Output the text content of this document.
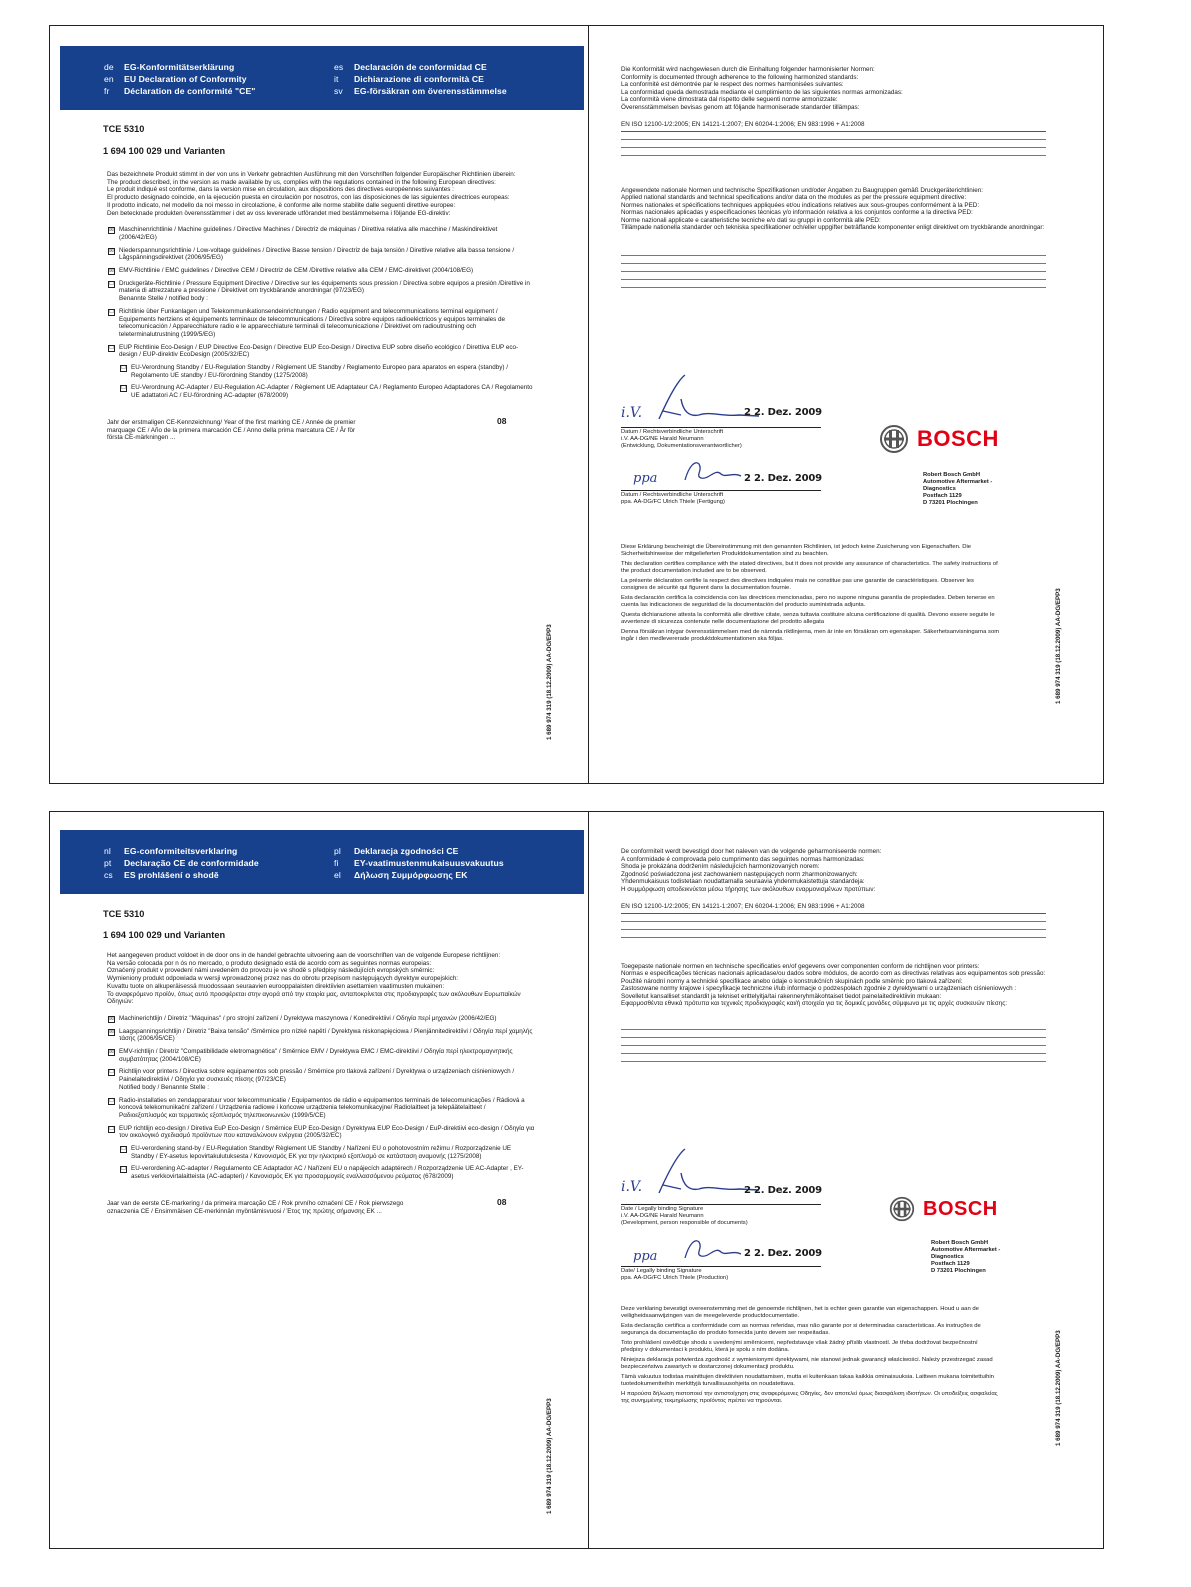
de EG-Konformitätserklärung
en EU Declaration of Conformity
fr Déclaration de conformité "CE"
es Declaración de conformidad CE
it Dichiarazione di conformità CE
sv EG-försäkran om överensstämmelse
TCE 5310
1 694 100 029 und Varianten

Das bezeichnete Produkt stimmt in der von uns in Verkehr gebrachten Ausführung mit den Vorschriften folgender Europäischer Richtlinien überein:

The product described, in the version as made available by us, complies with the regulations contained in the following European directives:

Le produit indiqué est conforme, dans la version mise en circulation, aux dispositions des directives européennes suivantes :

El producto designado coincide, en la ejecución puesta en circulación por nosotros, con las disposiciones de las siguientes directrices europeas:

Il prodotto indicato, nel modello da noi messo in circolazione, è conforme alle norme stabilite dalle seguenti direttive europee:

Den betecknade produkten överensstämmer i det av oss levererade utförandet med bestämmelserna i följande EG-direktiv:

☒ Maschinenrichtlinie / Machine guidelines / Directive Machines / Directriz de máquinas / Direttiva relativa alle macchine / Maskindirektivet (2006/42/EG)
☒ Niederspannungsrichtlinie / Low-voltage guidelines / Directive Basse tension / Directriz de baja tensión / Direttive relative alla bassa tensione / Lågspänningsdirektivet (2006/95/EG)
☒ EMV-Richtlinie / EMC guidelines / Directive CEM / Directriz de CEM /Direttive relative alla CEM / EMC-direktivet (2004/108/EG)
☐ Druckgeräte-Richtlinie / Pressure Equipment Directive / Directive sur les équipements sous pression / Directiva sobre equipos a presión /Direttive in materia di attrezzature a pressione / Direktivet om tryckbärande anordningar (97/23/EG)
Benannte Stelle / notified body :
☐ Richtlinie über Funkanlagen und Telekommunikationsendeinrichtungen / Radio equipment and telecommunications terminal equipment / Equipements hertziens et équipements terminaux de telecommunications / Directiva sobre equipos radioeléctricos y equipos terminales de telecomunicación / Apparecchiature radio e le apparecchiature terminali di telecomunicazione / Direktivet om radioutrustning och teleterminalutrustning (1999/5/EG)
☐ EUP Richtlinie Eco-Design / EUP Directive Eco-Design / Directive EUP Eco-Design / Directiva EUP sobre diseño ecológico / Direttiva EUP eco-design / EUP-direktiv EcoDesign (2005/32/EC)
☐ EU-Verordnung Standby / EU-Regulation Standby / Règlement UE Standby / Reglamento Europeo para aparatos en espera (standby) / Regolamento UE standby / EU-förordning Standby (1275/2008)
☐ EU-Verordnung AC-Adapter / EU-Regulation AC-Adapter / Règlement UE Adaptateur CA / Reglamento Europeo Adaptadores CA / Regolamento UE adattatori AC / EU-förordning AC-adapter (678/2009)
Jahr der erstmaligen CE-Kennzeichnung/ Year of the first marking CE / Année de premier marquage CE / Año de la primera marcación CE / Anno della prima marcatura CE / År för första CE-märkningen ...
08
1 689 974 319 (18.12.2009) AA-DG/EPP3

Die Konformität wird nachgewiesen durch die Einhaltung folgender harmonisierter Normen:

Conformity is documented through adherence to the following harmonized standards:

La conformité est démontrée par le respect des normes harmonisées suivantes:

La conformidad queda demostrada mediante el cumplimiento de las siguientes normas armonizadas:

La conformità viene dimostrata dal rispetto delle seguenti norme armonizzate:

Överensstämmelsen bevisas genom att följande harmoniserade standarder tillämpas:

EN ISO 12100-1/2:2005; EN 14121-1:2007; EN 60204-1:2006; EN 983:1996 + A1:2008

Angewendete nationale Normen und technische Spezifikationen und/oder Angaben zu Baugruppen gemäß Druckgeräterichtlinien:

Applied national standards and technical specifications and/or data on the modules as per the pressure equipment directive:

Normes nationales et spécifications techniques appliquées et/ou indications relatives aux sous-groupes conformément à la PED:

Normas nacionales aplicadas y especificaciones técnicas y/o información relativa a los conjuntos conforme a la directiva PED:

Norme nazionali applicate e caratteristiche tecniche e/o dati su gruppi in conformità alle PED:

Tillämpade nationella standarder och tekniska specifikationer och/eller uppgifter beträffande komponenter enligt direktivet om tryckbärande anordningar:

i.V.	2 2. Dez. 2009
Datum / Rechtsverbindliche Unterschrift
i.V. AA-DG/NE Harald Neumann
(Entwicklung, Dokumentationsverantwortlicher)
ppa	2 2. Dez. 2009
Datum / Rechtsverbindliche Unterschrift
ppa. AA-DG/FC Ulrich Thiele (Fertigung)
BOSCH
Robert Bosch GmbH
Automotive Aftermarket -
Diagnostics
Postfach 1129
D 73201 Plochingen

Diese Erklärung bescheinigt die Übereinstimmung mit den genannten Richtlinien, ist jedoch keine Zusicherung von Eigenschaften. Die Sicherheitshinweise der mitgelieferten Produktdokumentation sind zu beachten.

This declaration certifies compliance with the stated directives, but it does not provide any assurance of characteristics. The safety instructions of the product documentation included are to be observed.

La présente déclaration certifie la respect des directives indiquées mais ne constitue pas une garantie de caractéristiques. Observer les consignes de sécurité qui figurent dans la documentation fournie.

Esta declaración certifica la coincidencia con las directrices mencionadas, pero no supone ninguna garantía de propiedades. Deben tenerse en cuenta las indicaciones de seguridad de la documentación del producto suministrada adjunta.

Questa dichiarazione attesta la conformità alle direttive citate, senza tuttavia costituire alcuna certificazione di qualità. Devono essere seguite le avvertenze di sicurezza contenute nelle documentazione del prodotto allegata

Denna försäkran intygar överensstämmelsen med de nämnda riktlinjerna, men är inte en försäkran om egenskaper. Säkerhetsanvisningarna som ingår i den medlevererade produktdokumentationen ska följas.	1 689 974 319 (18.12.2009) AA-DG/EPP3
nl EG-conformiteitsverklaring
pt Declaração CE de conformidade
cs ES prohlášení o shodě
pl Deklaracja zgodności CE
fi EY-vaatimustenmukaisuusvakuutus
el Δήλωση Συμμόρφωσης ΕΚ
TCE 5310
1 694 100 029 und Varianten

Het aangegeven product voldoet in de door ons in de handel gebrachte uitvoering aan de voorschriften van de volgende Europese richtlijnen:

Na versão colocada por n ós no mercado, o produto designado está de acordo com as seguintes normas europeias:

Označený produkt v provedení námi uvedeném do provozu je ve shodě s předpisy následujících evropských směrnic:

Wymieniony produkt odpowiada w wersji wprowadzonej przez nas do obrotu przepisom następujących dyrektyw europejskich:

Kuvattu tuote on alkuperäisessä muodossaan seuraavien eurooppalaisten direktiivien asettamien vaatimusten mukainen:

Το αναφερόμενο προϊόν, όπως αυτό προσφέρεται στην αγορά από την εταιρία μας, ανταποκρίνεται στις προδιαγραφές των ακόλουθων Ευρωπαϊκών Οδηγιών:

☒ Machinerichtlijn / Diretriz "Máquinas" / pro strojní zařízení / Dyrektywa maszynowa / Konedirektiivi / Οδηγία περί μηχανών (2006/42/EG)
☒ Laagspanningsrichtlijn / Diretriz "Baixa tensão" /Směrnice pro nízké napětí / Dyrektywa niskonapięciowa / Pienjännitedirektiivi / Οδηγία περί χαμηλής τάσης (2006/95/CE)
☒ EMV-richtlijn / Diretriz "Compatibilidade eletromagnética" / Směrnice EMV / Dyrektywa EMC / EMC-direktiivi / Οδηγία περί ηλεκτρομαγνητικής συμβατότητας (2004/108/CE)
☐ Richtlijn voor printers / Directiva sobre equipamentos sob pressão / Směrnice pro tlaková zařízení / Dyrektywa o urządzeniach ciśnieniowych / Painelaitedirektiivi / Οδηγία για συσκευές πίεσης (97/23/CE)
Notified body / Benannte Stelle :
☐ Radio-installaties en zendapparatuur voor telecommunicatie / Equipamentos de rádio e equipamentos terminais de telecomunicações / Rádiová a koncová telekomunikační zařízení / Urządzenia radiowe i końcowe urządzenia telekomunikacyjne/ Radiolaitteet ja telepäätelaitteet / Ραδιοεξοπλισμός και τερματικός εξοπλισμός τηλεπικοινωνιών (1999/5/CE)
☐ EUP richtlijn eco-design / Diretiva EuP Eco-Design / Směrnice EUP Eco-Design / Dyrektywa EUP Eco-Design / EuP-direktiivi eco-design / Οδηγία για τον οικολογικό σχεδιασμό προϊόντων που καταναλώνουν ενέργεια (2005/32/EC)
☐ EU-verordening stand-by / EU-Regulation Standby/ Règlement UE Standby / Nařízení EU o pohotovostním režimu / Rozporządzenie UE Standby / EY-asetus lepovirtakulutuksesta / Κανονισμός ΕΚ για την ηλεκτρικό εξοπλισμό σε κατάσταση αναμονής (1275/2008)
☐ EU-verordening AC-adapter / Regulamento CE Adaptador AC / Nařízení EU o napájecích adaptérech / Rozporządzenie UE AC-Adapter , EY-asetus verkkovirtalaitteista (AC-adapteri) / Κανονισμός ΕΚ για προσαρμογείς εναλλασσόμενου ρεύματος (678/2009)
Jaar van de eerste CE-markering / da primeira marcação CE / Rok prvního označení CE / Rok pierwszego oznaczenia CE / Ensimmäisen CE-merkinnän myöntämisvuosi / Έτος της πρώτης σήμανσης ΕΚ ...
08
1 689 974 319 (18.12.2009) AA-DG/EPP3

De conformiteit werdt bevestigd door het naleven van de volgende geharmoniseerde normen:

A conformidade é comprovada pelo cumprimento das seguintes normas harmonizadas:

Shoda je prokázána dodržením následujících harmonizovaných norem:

Zgodność poświadczona jest zachowaniem następujących norm zharmonizowanych:

Yhdenmukaisuus todistetaan noudattamalla seuraavia yhdenmukaistettuja standardeja:

Η συμμόρφωση αποδεικνύεται μέσω τήρησης των ακόλουθων εναρμονισμένων προτύπων:

EN ISO 12100-1/2:2005; EN 14121-1:2007; EN 60204-1:2006; EN 983:1996 + A1:2008

Toegepaste nationale normen en technische specificaties en/of gegevens over componenten conform de richtlijnen voor printers:

Normas e especificações técnicas nacionais aplicadase/ou dados sobre módulos, de acordo com as directivas relativas aos equipamentos sob pressão:

Použité národní normy a technické specifikace anebo údaje o konstrukčních skupinách podle směrnic pro tlaková zařízení:

Zastosowane normy krajowe i specyfikacje techniczne i/lub informacje o podzespołach zgodnie z dyrektywami o urządzeniach ciśnieniowych :

Sovelletut kansalliset standardit ja tekniset erittelyitja/tai rakenneryhmäkohtaiset tiedot painelaitedirektiivin mukaan:

Εφαρμοσθέντα εθνικά πρότυπα και τεχνικές προδιαγραφές και/ή στοιχεία για τις δομικές μονάδες σύμφωνα με τις αρχές συσκευών πίεσης:

i.V.	2 2. Dez. 2009
Date / Legally binding Signature
i.V. AA-DG/NE Harald Neumann
(Development, person responsible of documents)
ppa	2 2. Dez. 2009
Date/ Legally binding Signature
ppa. AA-DG/FC Ulrich Thiele (Production)
BOSCH
Robert Bosch GmbH
Automotive Aftermarket -
Diagnostics
Postfach 1129
D 73201 Plochingen

Deze verklaring bevestigt overeenstemming met de genoemde richtlijnen, het is echter geen garantie van eigenschappen. Houd u aan de veiligheidsaanwijzingen van de meegeleverde productdocumentatie.

Esta declaração certifica a conformidade com as normas referidas, mas não garante por si determinadas características. As instruções de segurança da documentação do produto fornecida junto devem ser respeitadas.

Toto prohlášení osvědčuje shodu s uvedenými směrnicemi, nepředstavuje však žádný příslib vlastností. Je třeba dodržovat bezpečnostní předpisy v dokumentaci k produktu, která je spolu s ním dodána.

Niniejsza deklaracja potwierdza zgodność z wymienionymi dyrektywami, nie stanowi jednak gwarancji właściwości. Należy przestrzegać zasad bezpieczeństwa zawartych w dostarczonej dokumentacji produktu.

Tämä vakuutus todistaa mainittujen direktiivien noudattamisen, mutta ei kuitenkaan takaa kaikkia ominaisuuksia. Laitteen mukana toimitettuihin tuotedokumentteihin merkittyjä turvallisuusohjeita on noudatettava.

Η παρούσα δήλωση πιστοποιεί την αντιστοίχηση στις αναφερόμενες Οδηγίες, δεν αποτελεί όμως διασφάλιση ιδιοτήτων. Οι υποδείξεις ασφαλείας της συνημμένης τεκμηρίωσης προϊόντος πρέπει να τηρούνται.	1 689 974 319 (18.12.2009) AA-DG/EPP3
